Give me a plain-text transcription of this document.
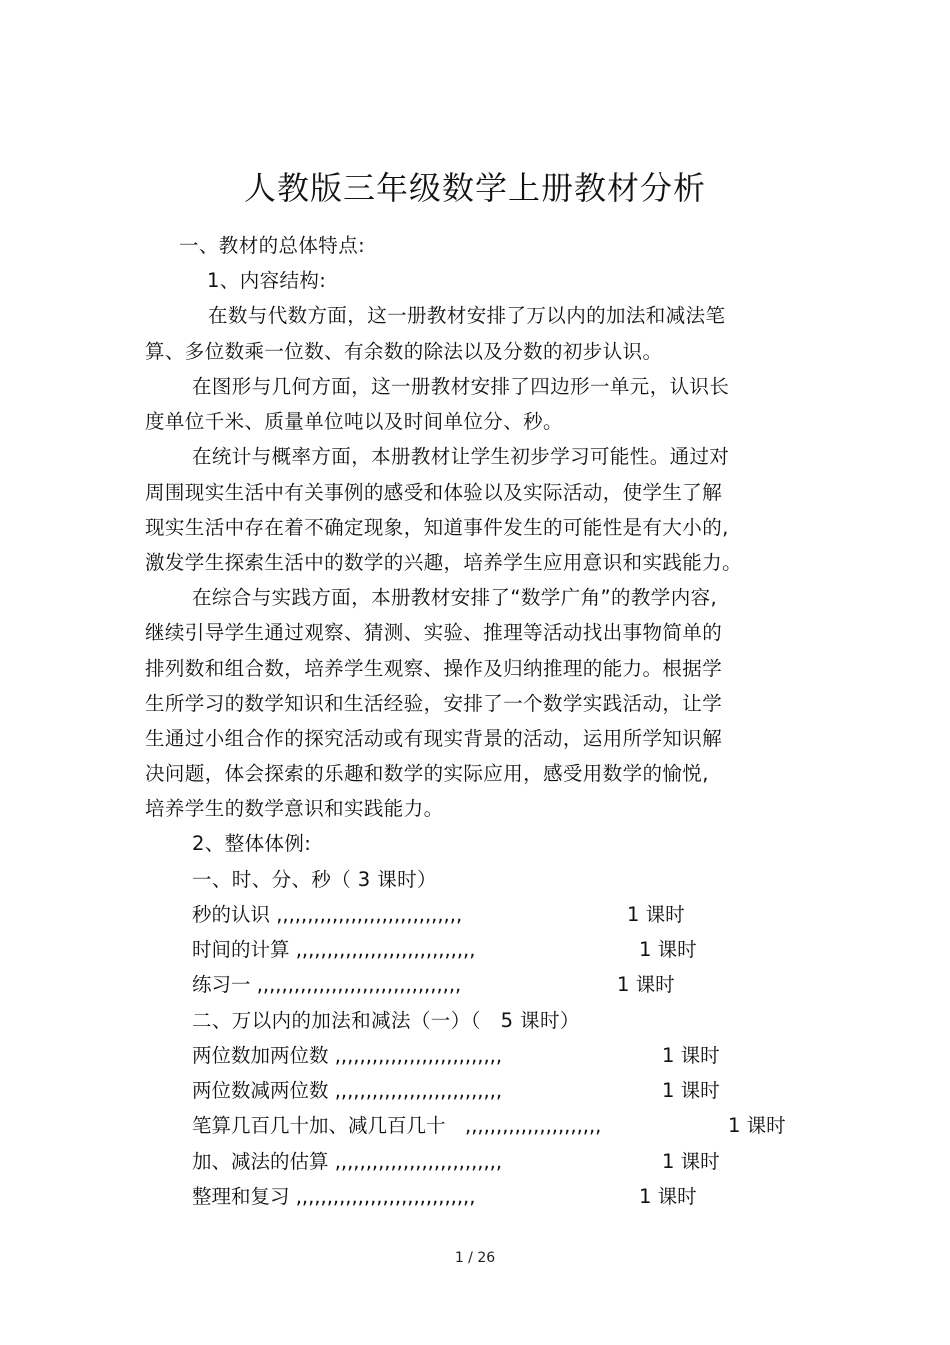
人教版三年级数学上册教材分析
一、教材的总体特点:
1、内容结构:
在数与代数方面，这一册教材安排了万以内的加法和减法笔
算、多位数乘一位数、有余数的除法以及分数的初步认识。
在图形与几何方面，这一册教材安排了四边形一单元，认识长
度单位千米、质量单位吨以及时间单位分、秒。
在统计与概率方面，本册教材让学生初步学习可能性。通过对
周围现实生活中有关事例的感受和体验以及实际活动，使学生了解
现实生活中存在着不确定现象，知道事件发生的可能性是有大小的,
激发学生探索生活中的数学的兴趣，培养学生应用意识和实践能力。
在综合与实践方面，本册教材安排了“数学广角”的教学内容,
继续引导学生通过观察、猜测、实验、推理等活动找出事物简单的
排列数和组合数，培养学生观察、操作及归纳推理的能力。根据学
生所学习的数学知识和生活经验，安排了一个数学实践活动，让学
生通过小组合作的探究活动或有现实背景的活动，运用所学知识解
决问题，体会探索的乐趣和数学的实际应用，感受用数学的愉悦,
培养学生的数学意识和实践能力。
2、整体体例:
一、时、分、秒（ 3 课时）
秒的认识 ,,,,,,,,,,,,,,,,,,,,,,,,,,,,,,	1 课时
时间的计算 ,,,,,,,,,,,,,,,,,,,,,,,,,,,,,	1 课时
练习一 ,,,,,,,,,,,,,,,,,,,,,,,,,,,,,,,,,	1 课时
二、万以内的加法和减法（一）（　5 课时）
两位数加两位数 ,,,,,,,,,,,,,,,,,,,,,,,,,,,	1 课时
两位数减两位数 ,,,,,,,,,,,,,,,,,,,,,,,,,,,	1 课时
笔算几百几十加、减几百几十　,,,,,,,,,,,,,,,,,,,,,,	1 课时
加、减法的估算 ,,,,,,,,,,,,,,,,,,,,,,,,,,,	1 课时
整理和复习 ,,,,,,,,,,,,,,,,,,,,,,,,,,,,,	1 课时
1 / 26
